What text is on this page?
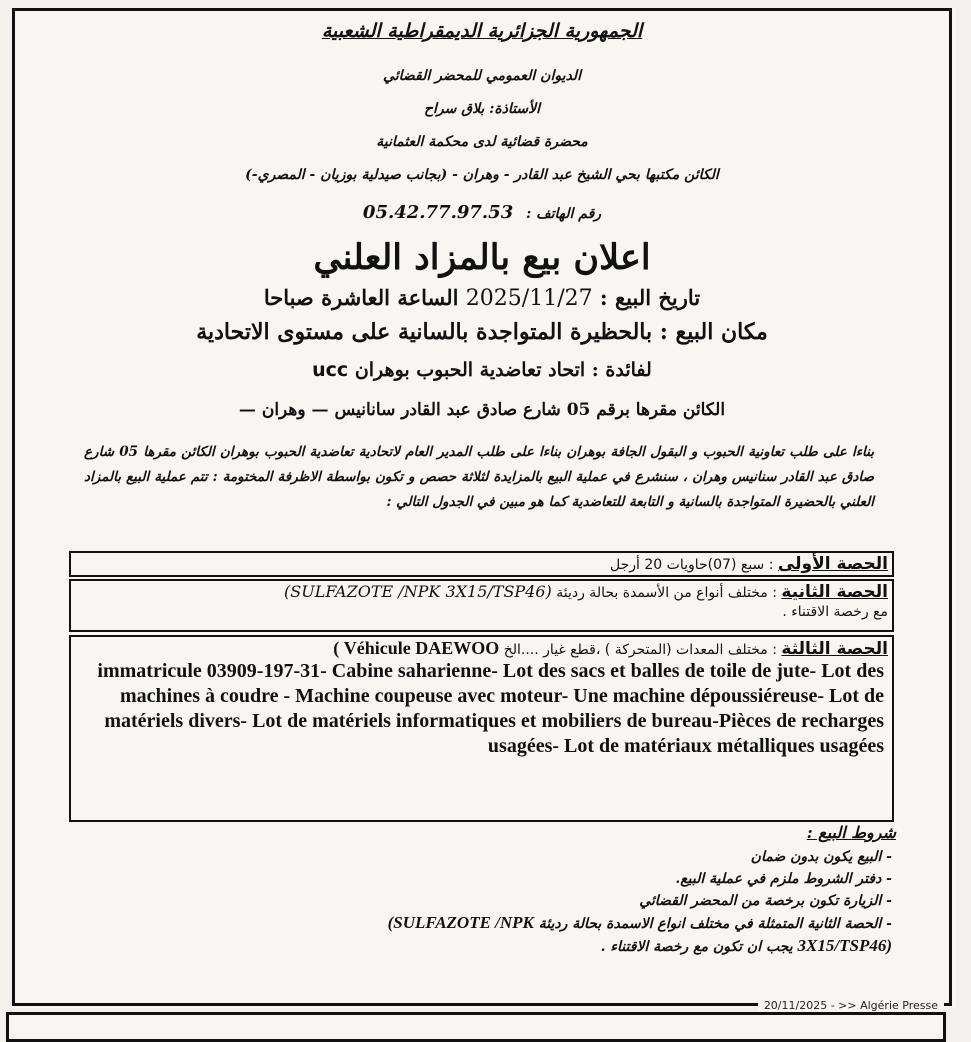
الجمهورية الجزائرية الديمقراطية الشعبية
الديوان العمومي للمحضر القضائي
الأستاذة: بلاق سراح
محضرة قضائية لدى محكمة العثمانية
الكائن مكتبها بحي الشيخ عبد القادر - وهران - (بجانب صيدلية بوزيان - المصري-)
رقم الهاتف : 05.42.77.97.53
اعلان بيع بالمزاد العلني
تاريخ البيع : 2025/11/27 الساعة العاشرة صباحا
مكان البيع : بالحظيرة المتواجدة بالسانية على مستوى الاتحادية
لفائدة : اتحاد تعاضدية الحبوب بوهران ucc
الكائن مقرها برقم 05 شارع صادق عبد القادر سانانيس — وهران —
بناءا على طلب تعاونية الحبوب و البقول الجافة بوهران بناءا على طلب المدير العام لاتحادية تعاضدية الحبوب بوهران الكائن مقرها 05 شارع صادق عبد القادر سنانيس وهران ، سنشرع في عملية البيع بالمزايدة لثلاثة حصص و تكون بواسطة الاظرفة المختومة : تتم عملية البيع بالمزاد العلني بالحضيرة المتواجدة بالسانية و التابعة للتعاضدية كما هو مبين في الجدول التالي :
الحصة الأولى : سبع (07)حاويات 20 أرجل
الحصة الثانية : مختلف أنواع من الأسمدة بحالة رديئة (SULFAZOTE /NPK 3X15/TSP46)
مع رخصة الاقتناء .
الحصة الثالثة : مختلف المعدات (المتحركة ) ،قطع غيار ....الخ ( Véhicule DAEWOO
immatricule 03909-197-31- Cabine saharienne- Lot des sacs et balles de toile de jute- Lot des machines à coudre - Machine coupeuse avec moteur- Une machine dépoussiéreuse- Lot de matériels divers- Lot de matériels informatiques et mobiliers de bureau-Pièces de recharges usagées- Lot de matériaux métalliques usagées
شروط البيع :
- البيع يكون بدون ضمان
- دفتر الشروط ملزم في عملية البيع.
- الزيارة تكون برخصة من المحضر القضائي
- الحصة الثانية المتمثلة في مختلف انواع الاسمدة بحالة رديئة (SULFAZOTE /NPK
3X15/TSP46) يجب ان تكون مع رخصة الاقتناء .
20/11/2025 - >> Algérie Presse
